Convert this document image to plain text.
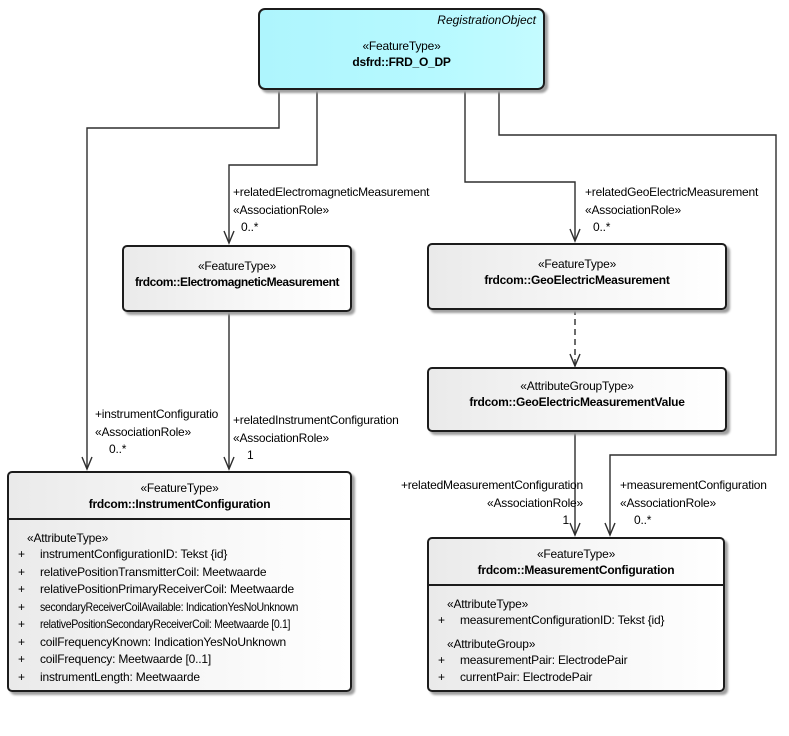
RegistrationObject
«FeatureType»
dsfrd::FRD_O_DP
«FeatureType»
frdcom::ElectromagneticMeasurement
«FeatureType»
frdcom::GeoElectricMeasurement
«AttributeGroupType»
frdcom::GeoElectricMeasurementValue
«FeatureType»
frdcom::InstrumentConfiguration
«AttributeType»
+	instrumentConfigurationID: Tekst {id}
+	relativePositionTransmitterCoil: Meetwaarde
+	relativePositionPrimaryReceiverCoil: Meetwaarde
+	secondaryReceiverCoilAvailable: IndicationYesNoUnknown
+	relativePositionSecondaryReceiverCoil: Meetwaarde [0.1]
+	coilFrequencyKnown: IndicationYesNoUnknown
+	coilFrequency: Meetwaarde [0..1]
+	instrumentLength: Meetwaarde
«FeatureType»
frdcom::MeasurementConfiguration
«AttributeType»
+	measurementConfigurationID: Tekst {id}
«AttributeGroup»
+	measurementPair: ElectrodePair
+	currentPair: ElectrodePair
+relatedElectromagneticMeasurement
«AssociationRole»
0..*
+relatedGeoElectricMeasurement
«AssociationRole»
0..*
+instrumentConfiguratio
«AssociationRole»
0..*
+relatedInstrumentConfiguration
«AssociationRole»
1
+relatedMeasurementConfiguration
«AssociationRole»
1
+measurementConfiguration
«AssociationRole»
0..*
